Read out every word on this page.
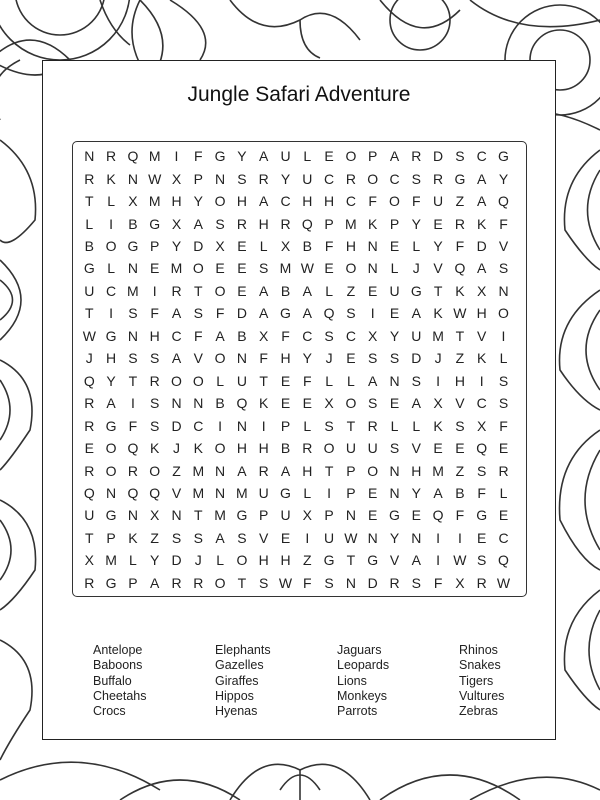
Jungle Safari Adventure
N R Q M	I	F G Y A U L E O P A R D S C G
R K N W X P N S R Y U C R O C S R G A Y
T L X M H Y O H A C H H C F O F U Z A Q
L	I	B G X A S R H R Q P M K P Y E R K F
B O G P Y D X E L X B F H N E L Y F D V
G L N E M O E E S M W E O N L	J V Q A S
U C M	I	R T O E A B A L Z E U G T K X N
T	I	S F A S F D A G A Q S	I	E A K W H O
W G N H C F A B X F C S C X Y U M T V	I
J H S S A V O N F H Y J E S S D J	Z K L
Q Y T R O O L U T E F L	L A N S	I	H	I	S
R A	I	S N N B Q K E E X O S E A X V C S
R G F S D C	I	N	I	P L S T R L	L K S X F
E O Q K J K O H H B R O U U S V E E Q E
R O R O Z M N A R A H T P O N H M Z S R
Q N Q Q V M N M U G L	I	P E N Y A B F L
U G N X N T M G P U X P N E G E Q F G E
T P K Z S S A S V E	I	U W N Y N	I	I	E C
X M L Y D J	L O H H Z G T G V A	I W S Q
R G P A R R O T S W F S N D R S F X R W
Antelope
Baboons
Buffalo
Cheetahs
Crocs
Elephants
Gazelles
Giraffes
Hippos
Hyenas
Jaguars
Leopards
Lions
Monkeys
Parrots
Rhinos
Snakes
Tigers
Vultures
Zebras
